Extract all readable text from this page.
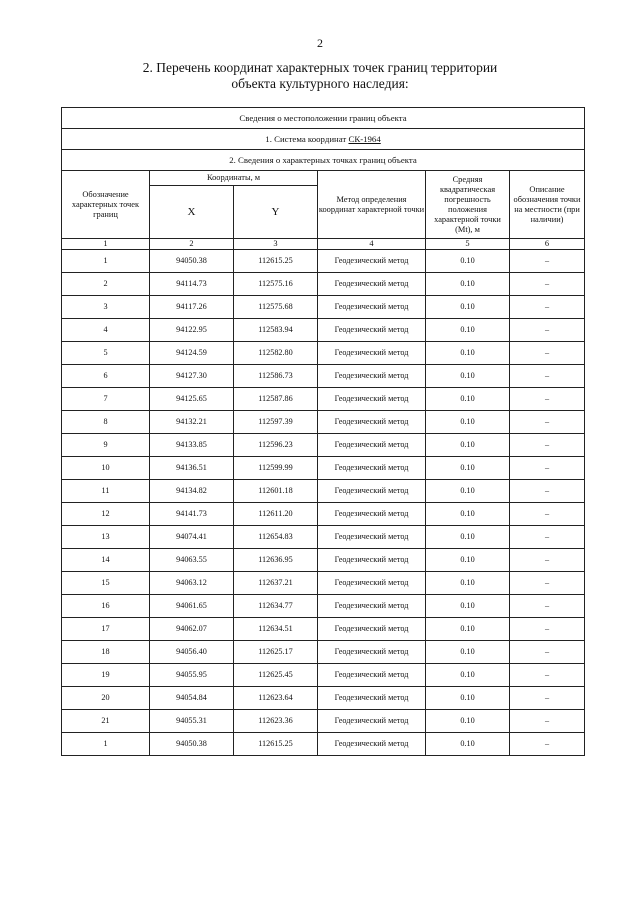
2
2. Перечень координат характерных точек границ территории
объекта культурного наследия:
Сведения о местоположении границ объекта					
1. Система координат СК-1964					
2. Сведения о характерных точках границ объекта					
Обозначение характерных точек границ	Координаты, м		Метод определения координат характерной точки	Средняя квадратическая погрешность положения характерной точки (Mt), м	Описание обозначения точки на местности (при наличии)
	X	Y			
1	2	3	4	5	6
1	94050.38	112615.25	Геодезический метод	0.10	–
2	94114.73	112575.16	Геодезический метод	0.10	–
3	94117.26	112575.68	Геодезический метод	0.10	–
4	94122.95	112583.94	Геодезический метод	0.10	–
5	94124.59	112582.80	Геодезический метод	0.10	–
6	94127.30	112586.73	Геодезический метод	0.10	–
7	94125.65	112587.86	Геодезический метод	0.10	–
8	94132.21	112597.39	Геодезический метод	0.10	–
9	94133.85	112596.23	Геодезический метод	0.10	–
10	94136.51	112599.99	Геодезический метод	0.10	–
11	94134.82	112601.18	Геодезический метод	0.10	–
12	94141.73	112611.20	Геодезический метод	0.10	–
13	94074.41	112654.83	Геодезический метод	0.10	–
14	94063.55	112636.95	Геодезический метод	0.10	–
15	94063.12	112637.21	Геодезический метод	0.10	–
16	94061.65	112634.77	Геодезический метод	0.10	–
17	94062.07	112634.51	Геодезический метод	0.10	–
18	94056.40	112625.17	Геодезический метод	0.10	–
19	94055.95	112625.45	Геодезический метод	0.10	–
20	94054.84	112623.64	Геодезический метод	0.10	–
21	94055.31	112623.36	Геодезический метод	0.10	–
1	94050.38	112615.25	Геодезический метод	0.10	–
